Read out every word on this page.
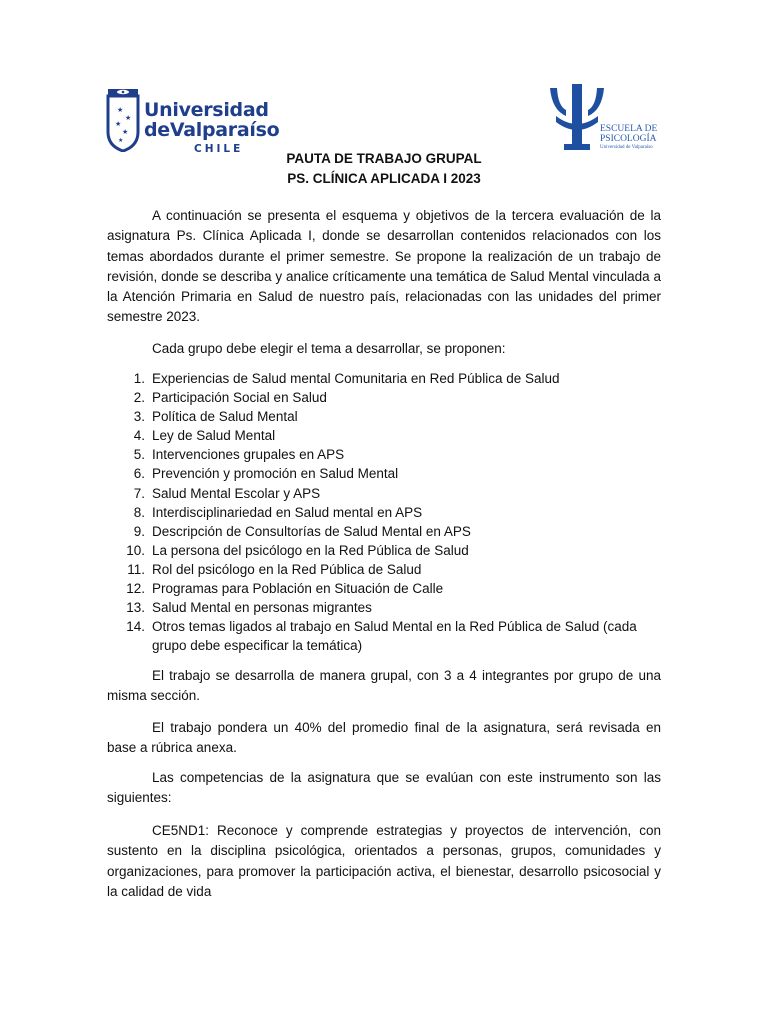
★
★
★
★
★
Universidad
deValparaíso
CHILE
ESCUELA DE
PSICOLOGÍA
Universidad de Valparaíso
PAUTA DE TRABAJO GRUPAL
PS. CLÍNICA APLICADA I 2023

A continuación se presenta el esquema y objetivos de la tercera evaluación de la asignatura Ps. Clínica Aplicada I, donde se desarrollan contenidos relacionados con los temas abordados durante el primer semestre. Se propone la realización de un trabajo de revisión, donde se describa y analice críticamente una temática de Salud Mental vinculada a la Atención Primaria en Salud de nuestro país, relacionadas con las unidades del primer semestre 2023.

Cada grupo debe elegir el tema a desarrollar, se proponen:

1. Experiencias de Salud mental Comunitaria en Red Pública de Salud
2. Participación Social en Salud
3. Política de Salud Mental
4. Ley de Salud Mental
5. Intervenciones grupales en APS
6. Prevención y promoción en Salud Mental
7. Salud Mental Escolar y APS
8. Interdisciplinariedad en Salud mental en APS
9. Descripción de Consultorías de Salud Mental en APS
10. La persona del psicólogo en la Red Pública de Salud
11. Rol del psicólogo en la Red Pública de Salud
12. Programas para Población en Situación de Calle
13. Salud Mental en personas migrantes
14. Otros temas ligados al trabajo en Salud Mental en la Red Pública de Salud (cada grupo debe especificar la temática)

El trabajo se desarrolla de manera grupal, con 3 a 4 integrantes por grupo de una misma sección.

El trabajo pondera un 40% del promedio final de la asignatura, será revisada en base a rúbrica anexa.

Las competencias de la asignatura que se evalúan con este instrumento son las siguientes:

CE5ND1: Reconoce y comprende estrategias y proyectos de intervención, con sustento en la disciplina psicológica, orientados a personas, grupos, comunidades y organizaciones, para promover la participación activa, el bienestar, desarrollo psicosocial y la calidad de vida
